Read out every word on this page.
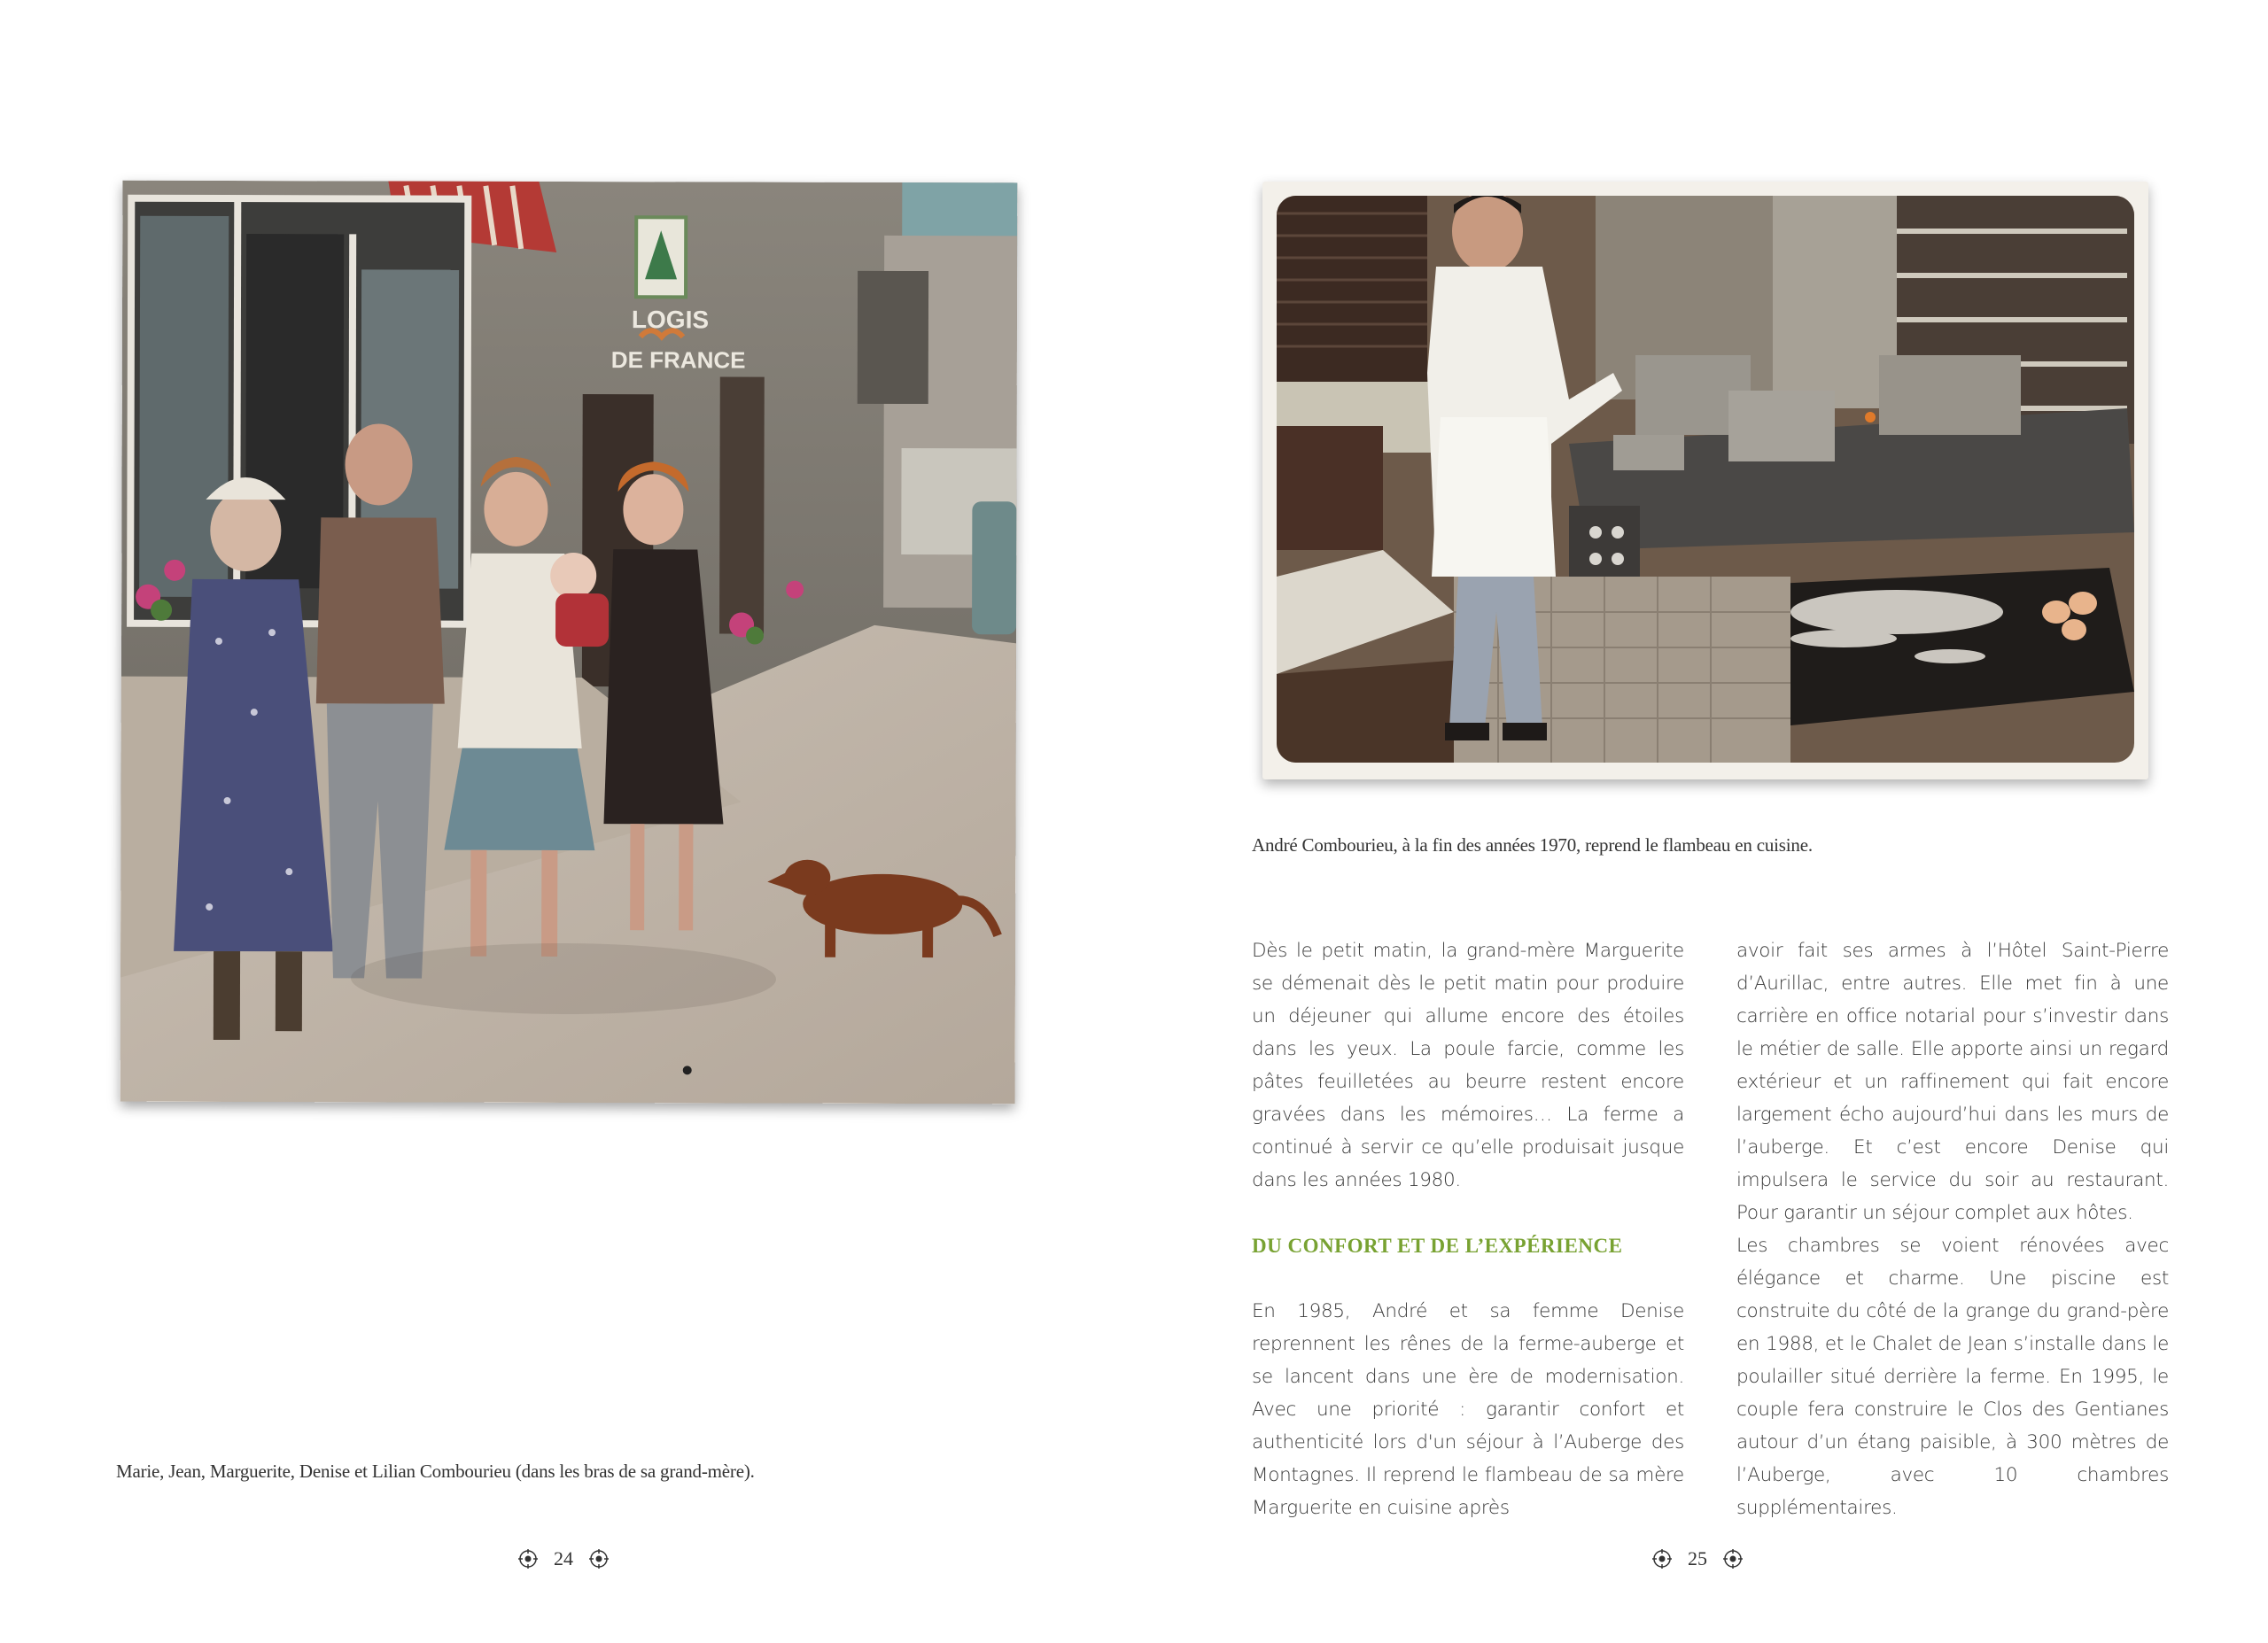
LOGIS
DE FRANCE
Marie, Jean, Marguerite, Denise et Lilian Combourieu (dans les bras de sa grand-mère).
24
André Combourieu, à la fin des années 1970, reprend le flambeau en cuisine.

Dès le petit matin, la grand-mère Marguerite se démenait dès le petit matin pour produire un déjeuner qui allume encore des étoiles dans les yeux. La poule farcie, comme les pâtes feuilletées au beurre restent encore gravées dans les mémoires… La ferme a continué à servir ce qu’elle produisait jusque dans les années 1980.

DU CONFORT ET DE L’EXPÉRIENCE

En 1985, André et sa femme Denise reprennent les rênes de la ferme-auberge et se lancent dans une ère de modernisation. Avec une priorité : garantir confort et authenticité lors d'un séjour à l’Auberge des Montagnes. Il reprend le flambeau de sa mère Marguerite en cuisine après

avoir fait ses armes à l’Hôtel Saint-Pierre d’Aurillac, entre autres. Elle met fin à une carrière en office notarial pour s’investir dans le métier de salle. Elle apporte ainsi un regard extérieur et un raffinement qui fait encore largement écho aujourd’hui dans les murs de l’auberge. Et c’est encore Denise qui impulsera le service du soir au restaurant. Pour garantir un séjour complet aux hôtes.

Les chambres se voient rénovées avec élégance et charme. Une piscine est construite du côté de la grange du grand-père en 1988, et le Chalet de Jean s’installe dans le poulailler situé derrière la ferme. En 1995, le couple fera construire le Clos des Gentianes autour d’un étang paisible, à 300 mètres de l’Auberge, avec 10 chambres supplémentaires.

25
